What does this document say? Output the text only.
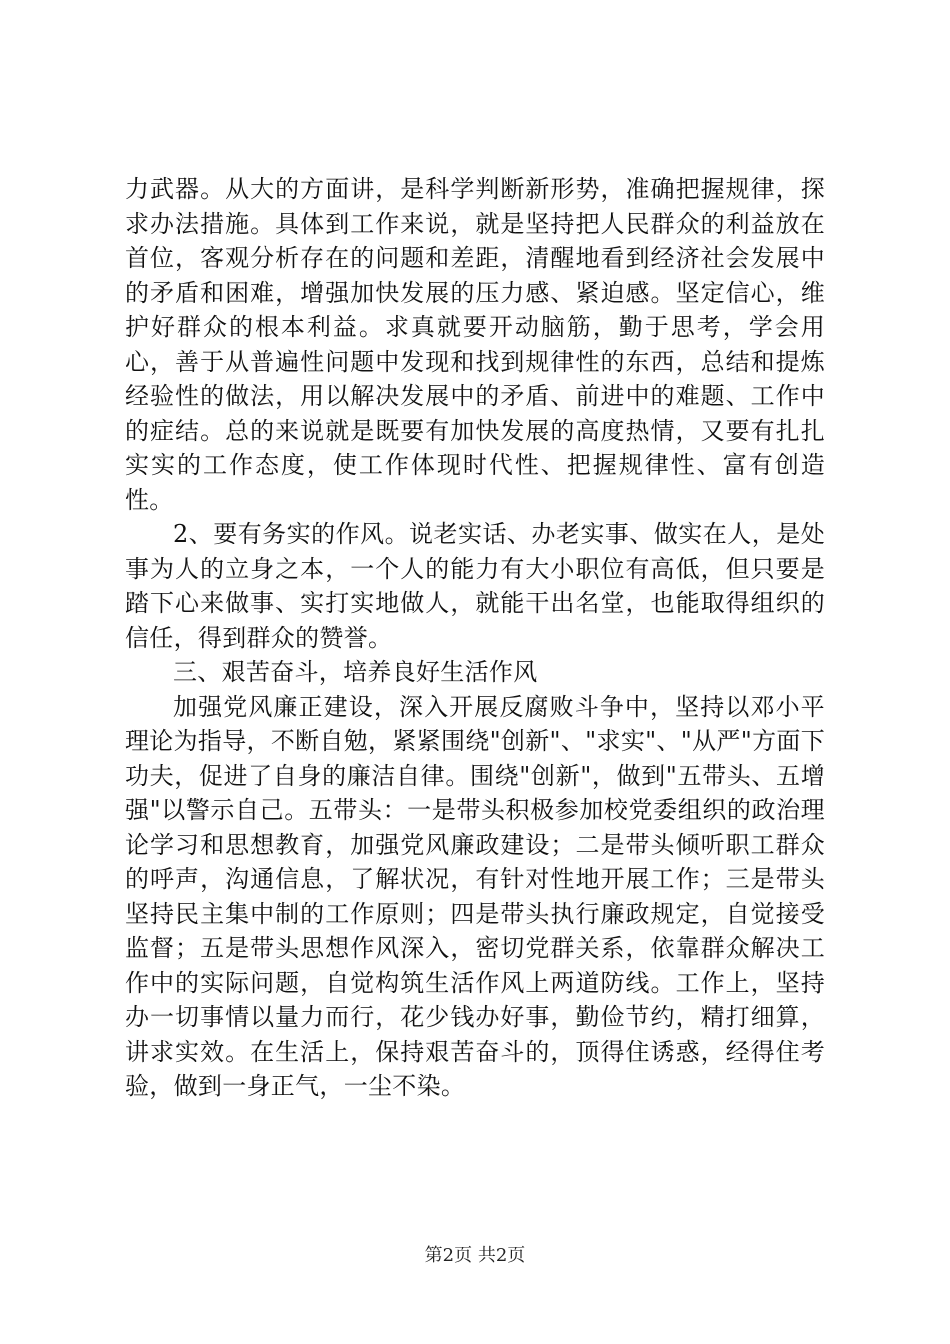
力武器。从大的方面讲，是科学判断新形势，准确把握规律，探求办法措施。具体到工作来说，就是坚持把人民群众的利益放在首位，客观分析存在的问题和差距，清醒地看到经济社会发展中的矛盾和困难，增强加快发展的压力感、紧迫感。坚定信心，维护好群众的根本利益。求真就要开动脑筋，勤于思考，学会用心，善于从普遍性问题中发现和找到规律性的东西，总结和提炼经验性的做法，用以解决发展中的矛盾、前进中的难题、工作中的症结。总的来说就是既要有加快发展的高度热情，又要有扎扎实实的工作态度，使工作体现时代性、把握规律性、富有创造性。

2、要有务实的作风。说老实话、办老实事、做实在人，是处事为人的立身之本，一个人的能力有大小职位有高低，但只要是踏下心来做事、实打实地做人，就能干出名堂，也能取得组织的信任，得到群众的赞誉。

三、艰苦奋斗，培养良好生活作风

加强党风廉正建设，深入开展反腐败斗争中，坚持以邓小平理论为指导，不断自勉，紧紧围绕"创新"、"求实"、"从严"方面下功夫，促进了自身的廉洁自律。围绕"创新"，做到"五带头、五增强"以警示自己。五带头：一是带头积极参加校党委组织的政治理论学习和思想教育，加强党风廉政建设；二是带头倾听职工群众的呼声，沟通信息，了解状况，有针对性地开展工作；三是带头坚持民主集中制的工作原则；四是带头执行廉政规定，自觉接受监督；五是带头思想作风深入，密切党群关系，依靠群众解决工作中的实际问题，自觉构筑生活作风上两道防线。工作上，坚持办一切事情以量力而行，花少钱办好事，勤俭节约，精打细算，讲求实效。在生活上，保持艰苦奋斗的，顶得住诱惑，经得住考验，做到一身正气，一尘不染。

第2页 共2页
